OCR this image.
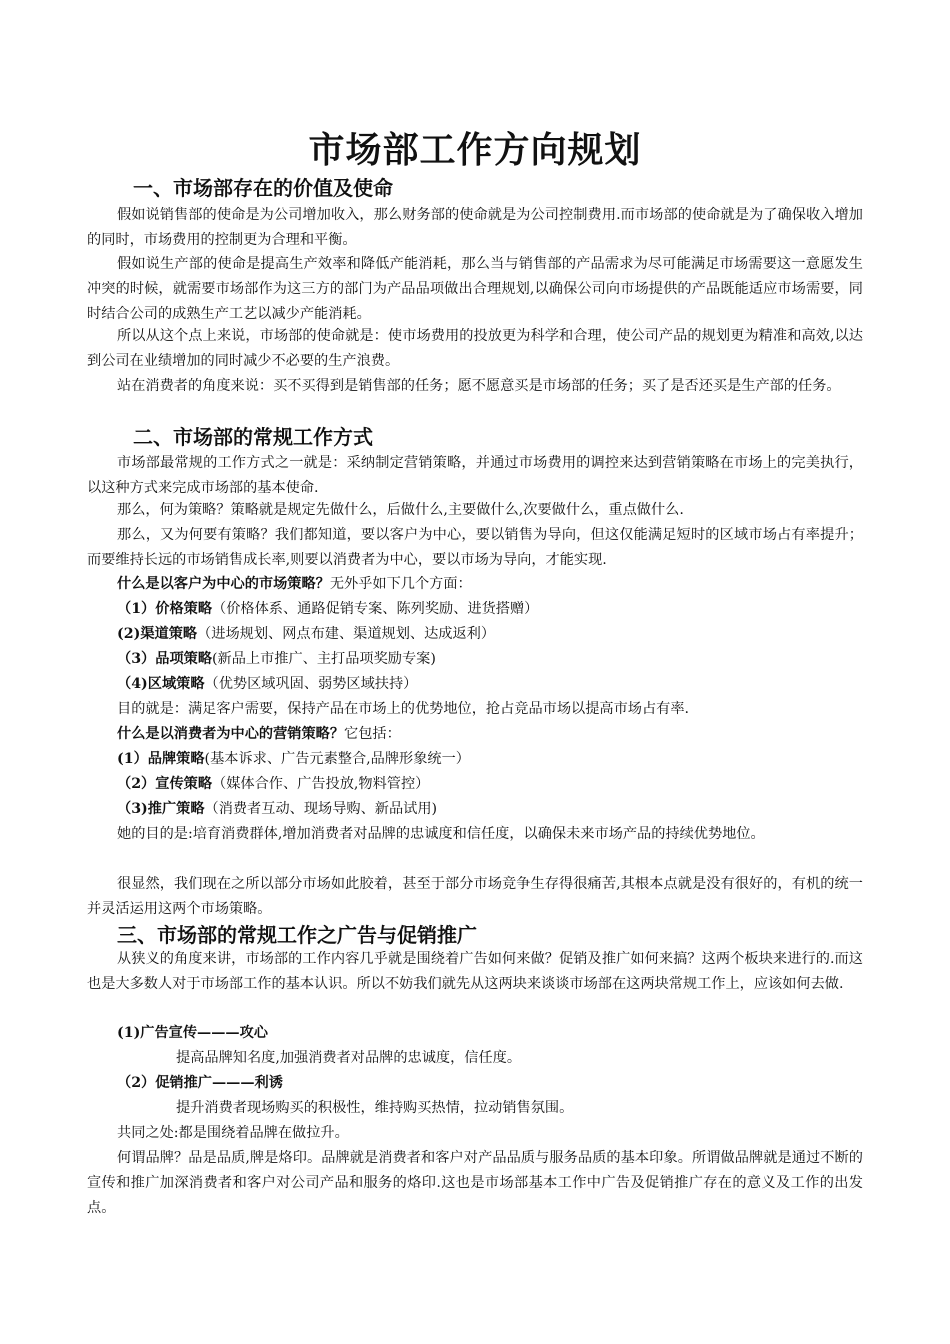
市场部工作方向规划
一、市场部存在的价值及使命

假如说销售部的使命是为公司增加收入，那么财务部的使命就是为公司控制费用.而市场部的使命就是为了确保收入增加的同时，市场费用的控制更为合理和平衡。

假如说生产部的使命是提高生产效率和降低产能消耗，那么当与销售部的产品需求为尽可能满足市场需要这一意愿发生冲突的时候，就需要市场部作为这三方的部门为产品品项做出合理规划,以确保公司向市场提供的产品既能适应市场需要，同时结合公司的成熟生产工艺以减少产能消耗。

所以从这个点上来说，市场部的使命就是：使市场费用的投放更为科学和合理，使公司产品的规划更为精准和高效,以达到公司在业绩增加的同时减少不必要的生产浪费。

站在消费者的角度来说：买不买得到是销售部的任务；愿不愿意买是市场部的任务；买了是否还买是生产部的任务。

二、市场部的常规工作方式

市场部最常规的工作方式之一就是：采纳制定营销策略，并通过市场费用的调控来达到营销策略在市场上的完美执行，以这种方式来完成市场部的基本使命.

那么，何为策略？策略就是规定先做什么，后做什么,主要做什么,次要做什么，重点做什么.

那么，又为何要有策略？我们都知道，要以客户为中心，要以销售为导向，但这仅能满足短时的区域市场占有率提升；而要维持长远的市场销售成长率,则要以消费者为中心，要以市场为导向，才能实现.

什么是以客户为中心的市场策略？无外乎如下几个方面：
（1）价格策略（价格体系、通路促销专案、陈列奖励、进货搭赠）
(2)渠道策略（进场规划、网点布建、渠道规划、达成返利）
（3）品项策略(新品上市推广、主打品项奖励专案)
（4)区域策略（优势区域巩固、弱势区域扶持）
目的就是：满足客户需要，保持产品在市场上的优势地位，抢占竞品市场以提高市场占有率.
什么是以消费者为中心的营销策略？它包括：
(1）品牌策略(基本诉求、广告元素整合,品牌形象统一）
（2）宣传策略（媒体合作、广告投放,物料管控）
（3)推广策略（消费者互动、现场导购、新品试用)

她的目的是:培育消费群体,增加消费者对品牌的忠诚度和信任度，以确保未来市场产品的持续优势地位。

很显然，我们现在之所以部分市场如此胶着，甚至于部分市场竞争生存得很痛苦,其根本点就是没有很好的，有机的统一并灵活运用这两个市场策略。

三、市场部的常规工作之广告与促销推广

从狭义的角度来讲，市场部的工作内容几乎就是围绕着广告如何来做？促销及推广如何来搞？这两个板块来进行的.而这也是大多数人对于市场部工作的基本认识。所以不妨我们就先从这两块来谈谈市场部在这两块常规工作上，应该如何去做.

(1)广告宣传———攻心
提高品牌知名度,加强消费者对品牌的忠诚度，信任度。
（2）促销推广———利诱
提升消费者现场购买的积极性，维持购买热情，拉动销售氛围。
共同之处:都是围绕着品牌在做拉升。

何谓品牌？品是品质,牌是烙印。品牌就是消费者和客户对产品品质与服务品质的基本印象。所谓做品牌就是通过不断的宣传和推广加深消费者和客户对公司产品和服务的烙印.这也是市场部基本工作中广告及促销推广存在的意义及工作的出发点。
